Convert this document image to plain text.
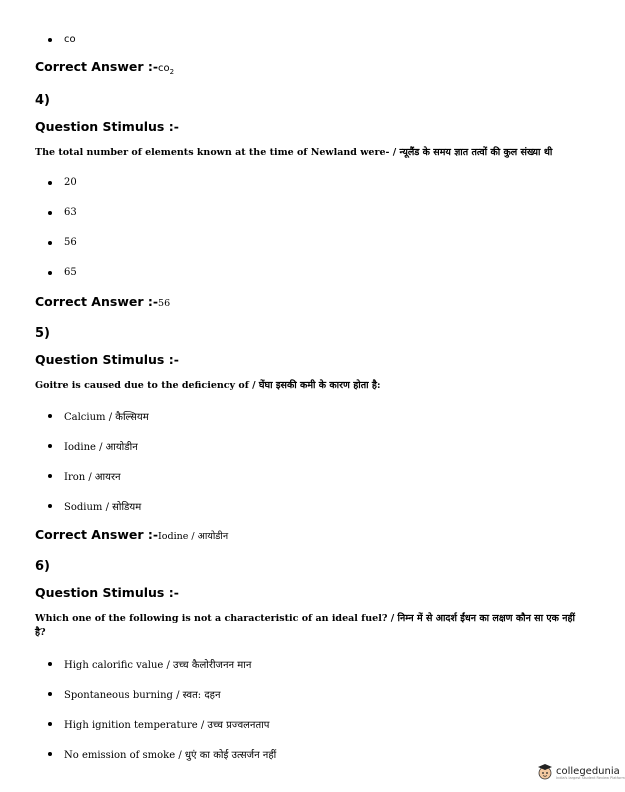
co
Correct Answer $:-co_2$
4)
Question Stimulus :-
The total number of elements known at the time of Newland were- / न्यूलैंड के समय ज्ञात तत्वों की कुल संख्या थी
20
63
56
65
Correct Answer :-56
5)
Question Stimulus :-
Goitre is caused due to the deficiency of / घेंघा इसकी कमी के कारण होता है:
Calcium / कैल्सियम
Iodine / आयोडीन
Iron / आयरन
Sodium / सोडियम
Correct Answer :-Iodine / आयोडीन
6)
Question Stimulus :-
Which one of the following is not a characteristic of an ideal fuel? / निम्न में से आदर्श ईंधन का लक्षण कौन सा एक नहीं है?
High calorific value / उच्च कैलोरीजनन मान
Spontaneous burning / स्वत: दहन
High ignition temperature / उच्च प्रज्वलनताप
No emission of smoke / धुएं का कोई उत्सर्जन नहीं
collegedunia
India's largest Student Review Platform
